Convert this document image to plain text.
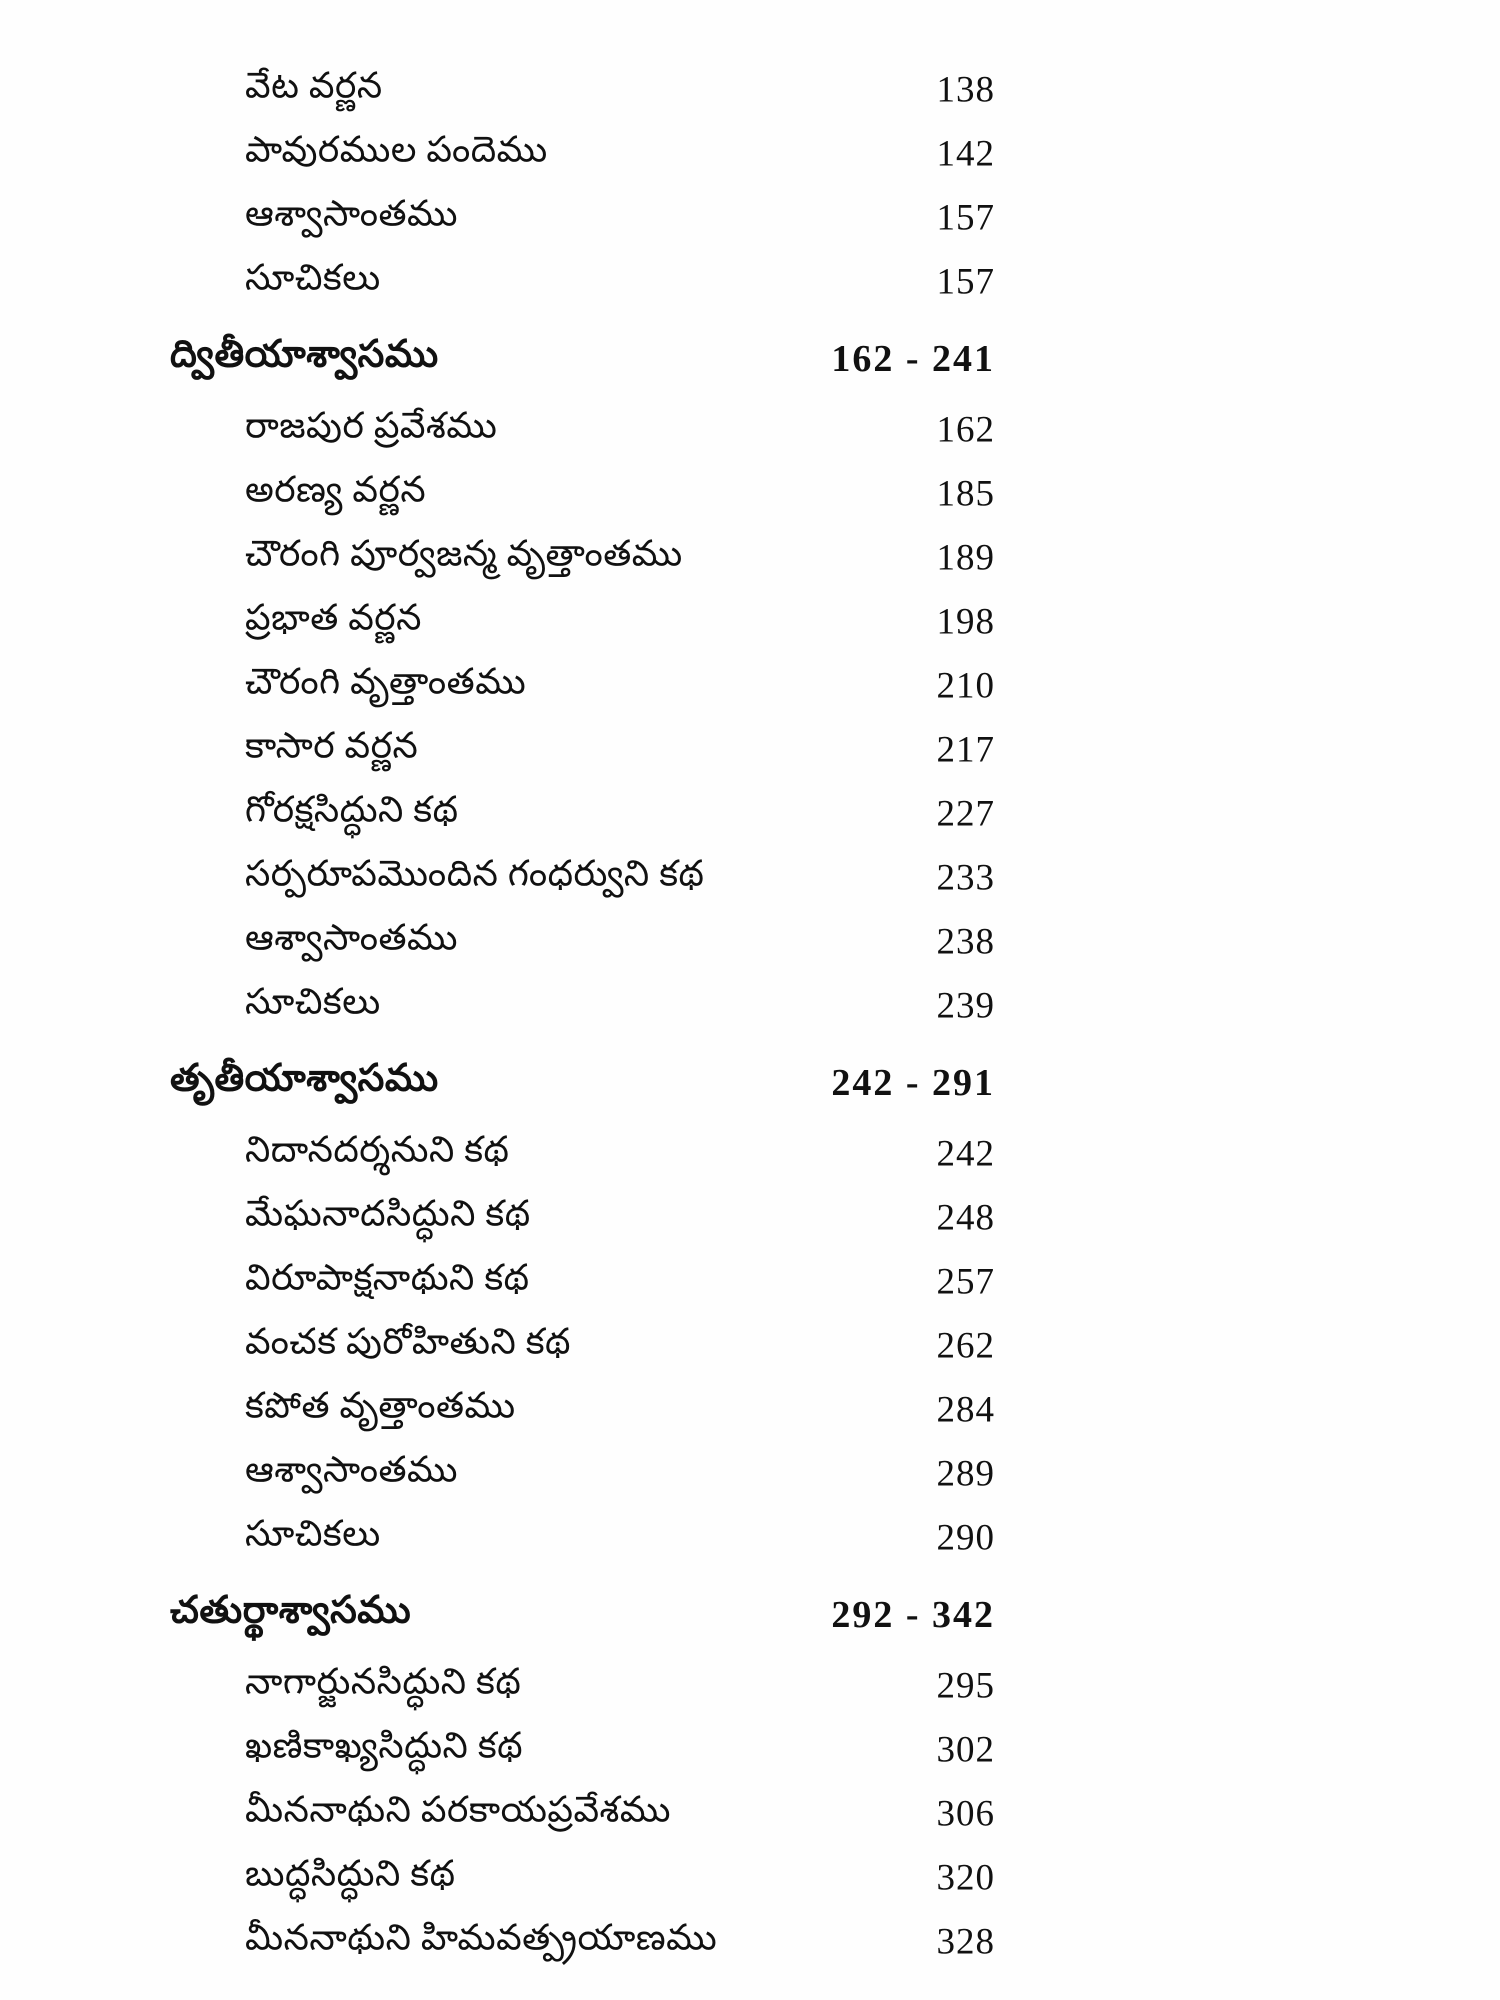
వేట వర్ణన	138
పావురముల పందెము	142
ఆశ్వాసాంతము	157
సూచికలు	157
ద్వితీయాశ్వాసము	162 - 241
రాజపుర ప్రవేశము	162
అరణ్య వర్ణన	185
చౌరంగి పూర్వజన్మ వృత్తాంతము	189
ప్రభాత వర్ణన	198
చౌరంగి వృత్తాంతము	210
కాసార వర్ణన	217
గోరక్షసిద్ధుని కథ	227
సర్పరూపమొందిన గంధర్వుని కథ	233
ఆశ్వాసాంతము	238
సూచికలు	239
తృతీయాశ్వాసము	242 - 291
నిదానదర్శనుని కథ	242
మేఘనాదసిద్ధుని కథ	248
విరూపాక్షనాథుని కథ	257
వంచక పురోహితుని కథ	262
కపోత వృత్తాంతము	284
ఆశ్వాసాంతము	289
సూచికలు	290
చతుర్థాశ్వాసము	292 - 342
నాగార్జునసిద్ధుని కథ	295
ఖణికాఖ్యసిద్ధుని కథ	302
మీననాథుని పరకాయప్రవేశము	306
బుద్ధసిద్ధుని కథ	320
మీననాథుని హిమవత్ప్రయాణము	328
